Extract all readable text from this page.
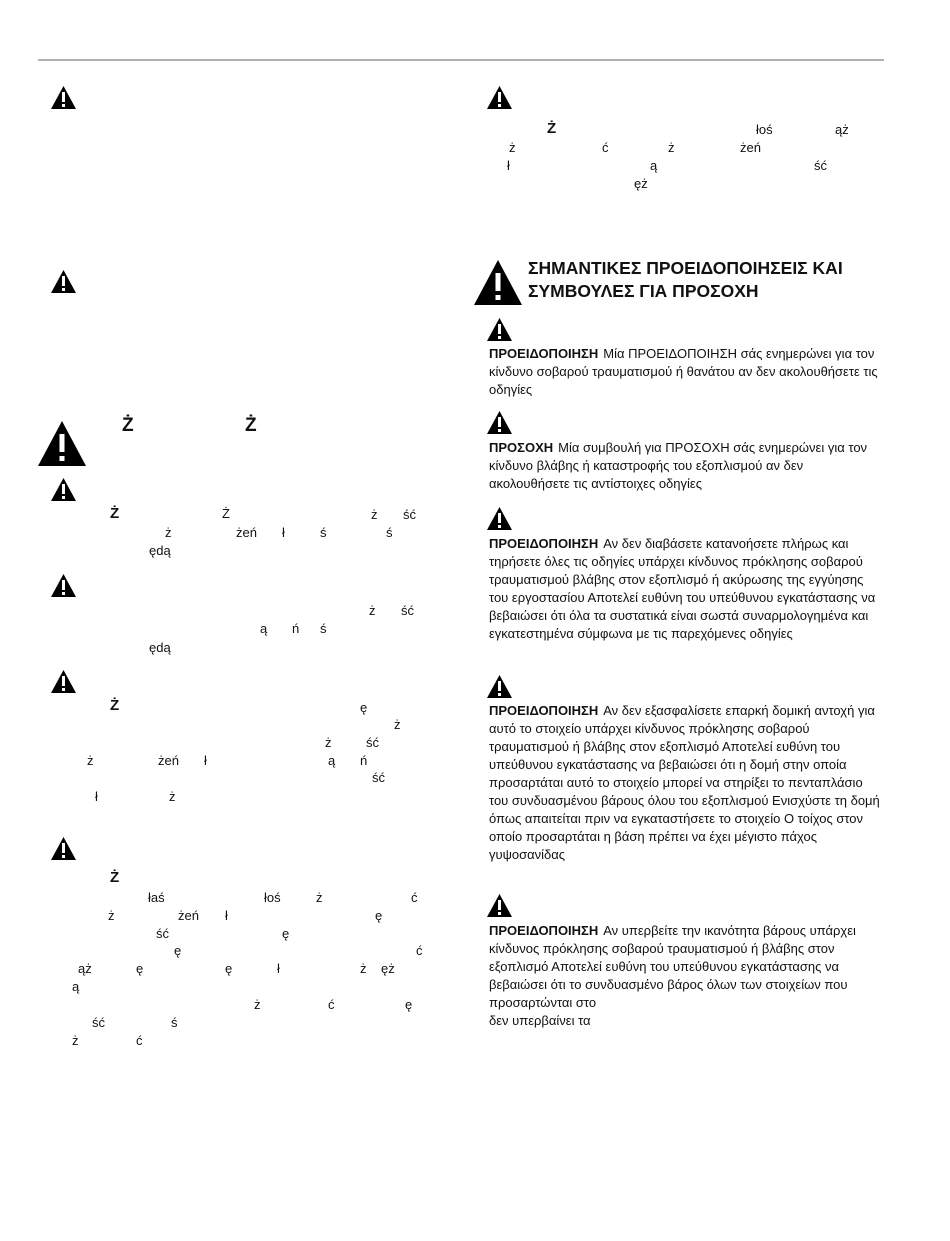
Ż	Ż
Ż	Ż	ż ść
ż	żeń ł	ś	ś
ędą
ż ść
ą ń ś
ędą
Ż	ę
ż
ż	ść
ż	żeń ł	ą ń
ść
ł	ż
Ż
łaś	łoś	ż	ć
ż	żeń ł	ę
ść	ę
ę	ć
ąż	ę	ę	ł	ż ęż
ą
ż	ć	ę
ść	ś
ż	ć
Ż	łoś	ąż
ż	ć	ż	żeń
ł	ą	ść
ęż
ΣΗΜΑΝΤΙΚΕΣ ΠΡΟΕΙΔΟΠΟΙΗΣΕΙΣ ΚΑΙ ΣΥΜΒΟΥΛΕΣ ΓΙΑ ΠΡΟΣΟΧΗ
ΠΡΟΕΙΔΟΠΟΙΗΣΗ Μία ΠΡΟΕΙΔΟΠΟΙΗΣΗ σάς ενημερώνει για τον κίνδυνο σοβαρού τραυματισμού ή θανάτου αν δεν ακολουθήσετε τις οδηγίες
ΠΡΟΣΟΧΗ Μία συμβουλή για ΠΡΟΣΟΧΗ σάς ενημερώνει για τον κίνδυνο βλάβης ή καταστροφής του εξοπλισμού αν δεν ακολουθήσετε τις αντίστοιχες οδηγίες
ΠΡΟΕΙΔΟΠΟΙΗΣΗ Αν δεν διαβάσετε κατανοήσετε πλήρως και τηρήσετε όλες τις οδηγίες υπάρχει κίνδυνος πρόκλησης σοβαρού τραυματισμού βλάβης στον εξοπλισμό ή ακύρωσης της εγγύησης του εργοστασίου Αποτελεί ευθύνη του υπεύθυνου εγκατάστασης να βεβαιώσει ότι όλα τα συστατικά είναι σωστά συναρμολογημένα και εγκατεστημένα σύμφωνα με τις παρεχόμενες οδηγίες
ΠΡΟΕΙΔΟΠΟΙΗΣΗ Αν δεν εξασφαλίσετε επαρκή δομική αντοχή για αυτό το στοιχείο υπάρχει κίνδυνος πρόκλησης σοβαρού τραυματισμού ή βλάβης στον εξοπλισμό Αποτελεί ευθύνη του υπεύθυνου εγκατάστασης να βεβαιώσει ότι η δομή στην οποία προσαρτάται αυτό το στοιχείο μπορεί να στηρίξει το πενταπλάσιο του συνδυασμένου βάρους όλου του εξοπλισμού Ενισχύστε τη δομή όπως απαιτείται πριν να εγκαταστήσετε το στοιχείο Ο τοίχος στον οποίο προσαρτάται η βάση πρέπει να έχει μέγιστο πάχος γυψοσανίδας
ΠΡΟΕΙΔΟΠΟΙΗΣΗ Αν υπερβείτε την ικανότητα βάρους υπάρχει κίνδυνος πρόκλησης σοβαρού τραυματισμού ή βλάβης στον εξοπλισμό Αποτελεί ευθύνη του υπεύθυνου εγκατάστασης να βεβαιώσει ότι το συνδυασμένο βάρος όλων των στοιχείων που προσαρτώνται στο
δεν υπερβαίνει τα
